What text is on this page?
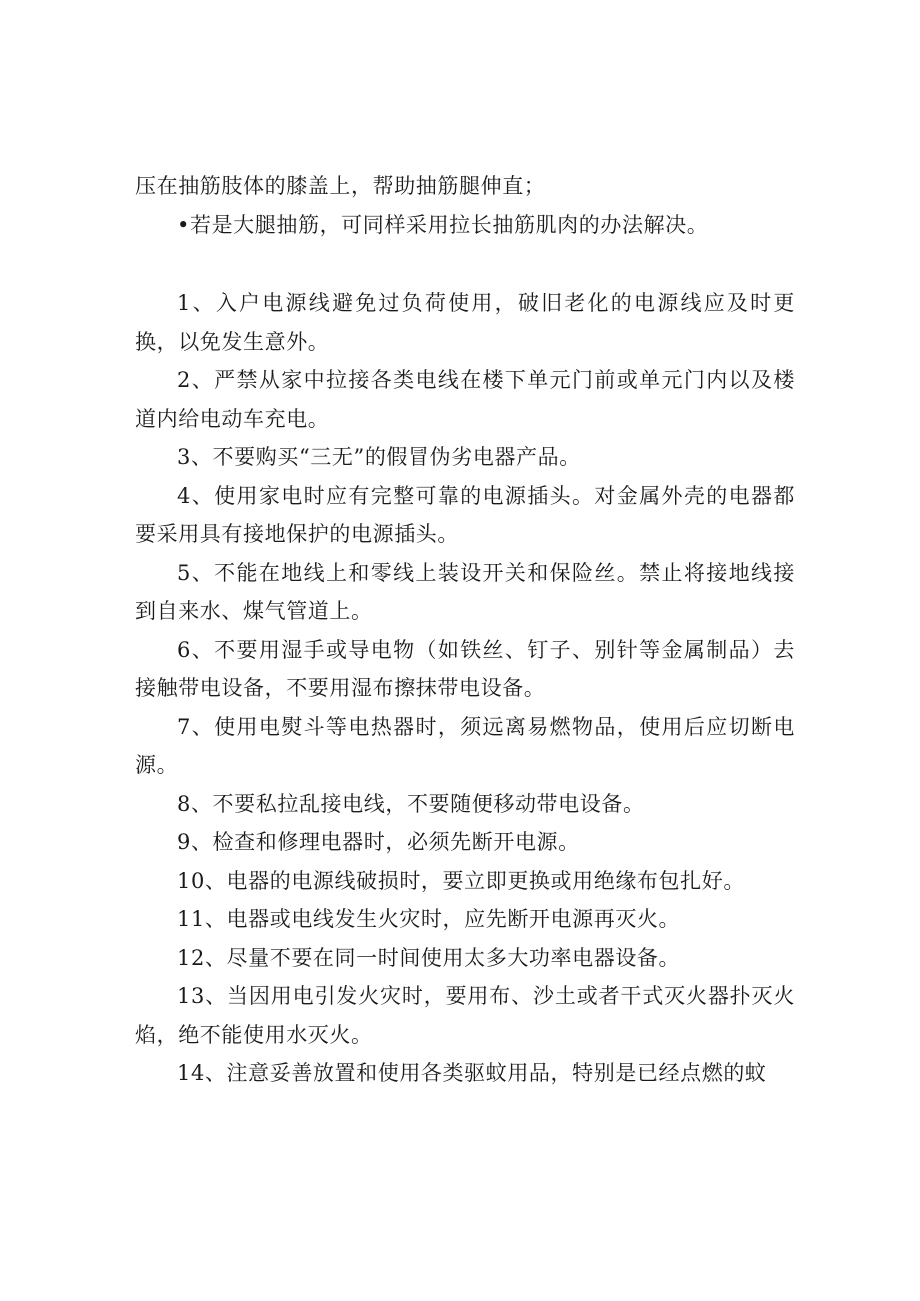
压在抽筋肢体的膝盖上，帮助抽筋腿伸直；

•若是大腿抽筋，可同样采用拉长抽筋肌肉的办法解决。

1、入户电源线避免过负荷使用，破旧老化的电源线应及时更换，以免发生意外。

2、严禁从家中拉接各类电线在楼下单元门前或单元门内以及楼道内给电动车充电。

3、不要购买“三无”的假冒伪劣电器产品。

4、使用家电时应有完整可靠的电源插头。对金属外壳的电器都要采用具有接地保护的电源插头。

5、不能在地线上和零线上装设开关和保险丝。禁止将接地线接到自来水、煤气管道上。

6、不要用湿手或导电物（如铁丝、钉子、别针等金属制品）去接触带电设备，不要用湿布擦抹带电设备。

7、使用电熨斗等电热器时，须远离易燃物品，使用后应切断电源。

8、不要私拉乱接电线，不要随便移动带电设备。

9、检查和修理电器时，必须先断开电源。

10、电器的电源线破损时，要立即更换或用绝缘布包扎好。

11、电器或电线发生火灾时，应先断开电源再灭火。

12、尽量不要在同一时间使用太多大功率电器设备。

13、当因用电引发火灾时，要用布、沙土或者干式灭火器扑灭火焰，绝不能使用水灭火。

14、注意妥善放置和使用各类驱蚊用品，特别是已经点燃的蚊
